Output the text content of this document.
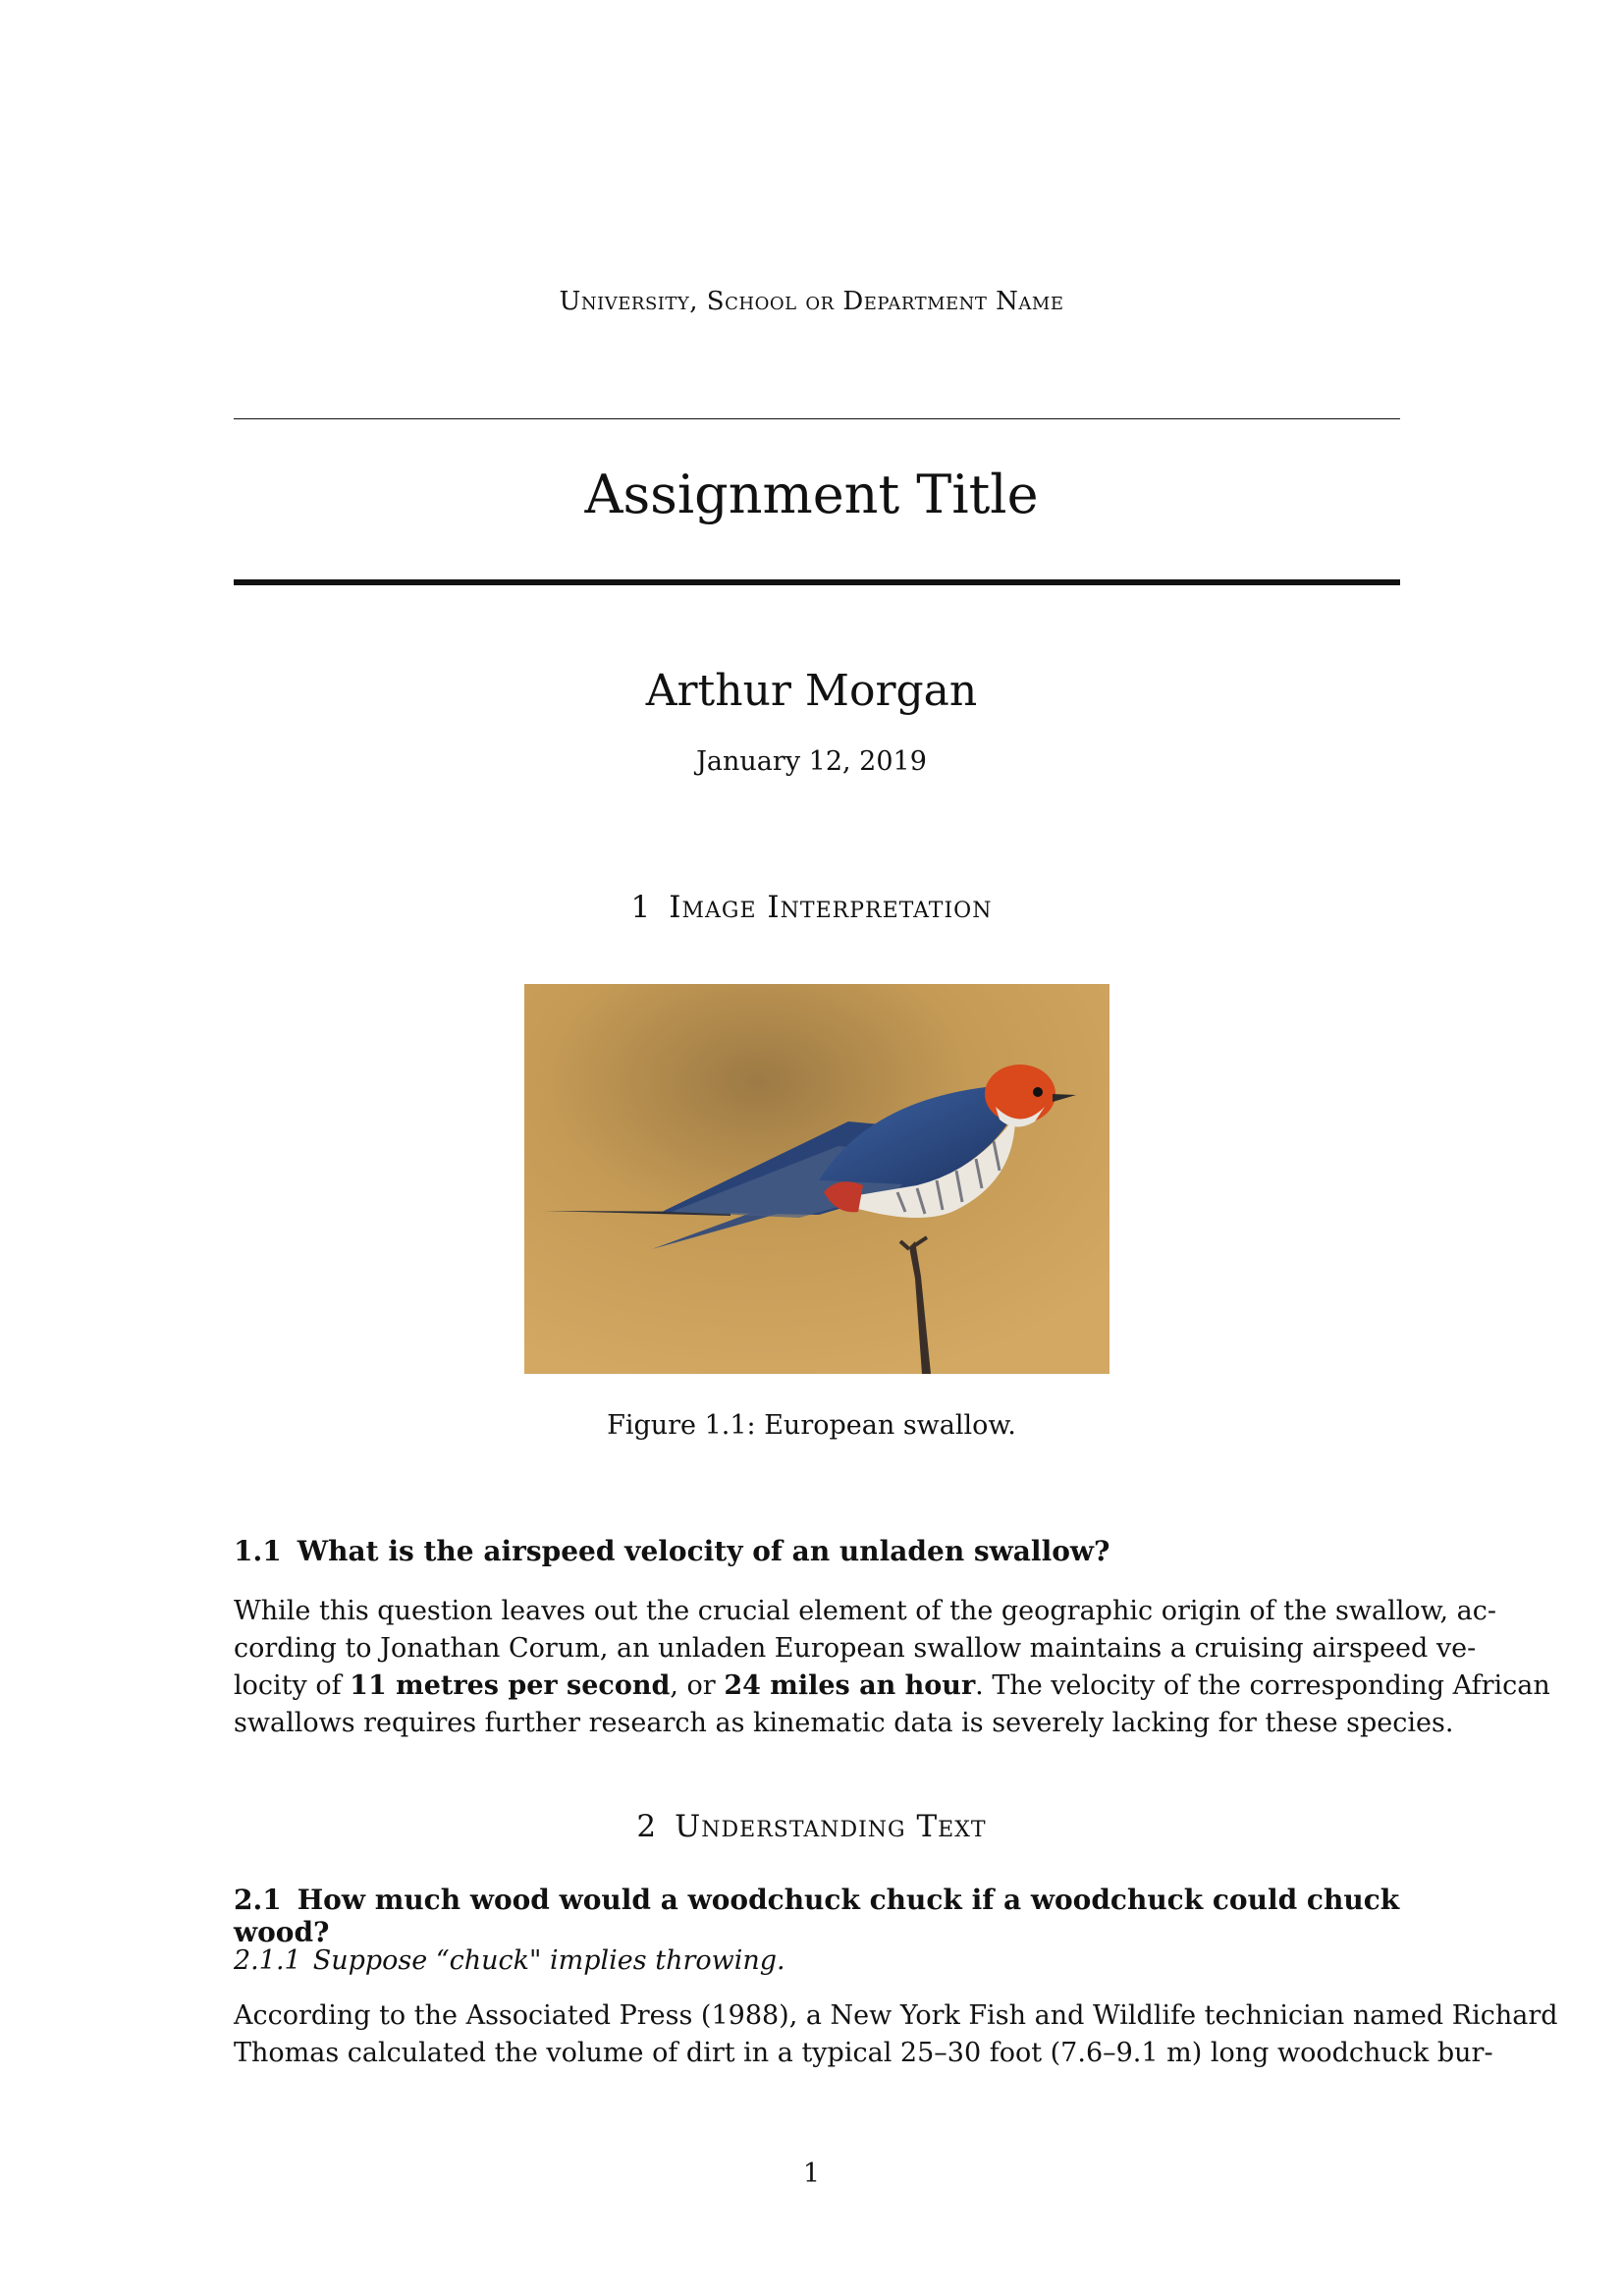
University, School or Department Name
Assignment Title
Arthur Morgan
January 12, 2019
1 Image Interpretation
Figure 1.1: European swallow.
1.1 What is the airspeed velocity of an unladen swallow?
While this question leaves out the crucial element of the geographic origin of the swallow, ac-
cording to Jonathan Corum, an unladen European swallow maintains a cruising airspeed ve-
locity of 11 metres per second, or 24 miles an hour. The velocity of the corresponding African
swallows requires further research as kinematic data is severely lacking for these species.
2 Understanding Text
2.1 How much wood would a woodchuck chuck if a woodchuck could chuck wood?
2.1.1 Suppose “chuck" implies throwing.
According to the Associated Press (1988), a New York Fish and Wildlife technician named Richard
Thomas calculated the volume of dirt in a typical 25–30 foot (7.6–9.1 m) long woodchuck bur-
1
